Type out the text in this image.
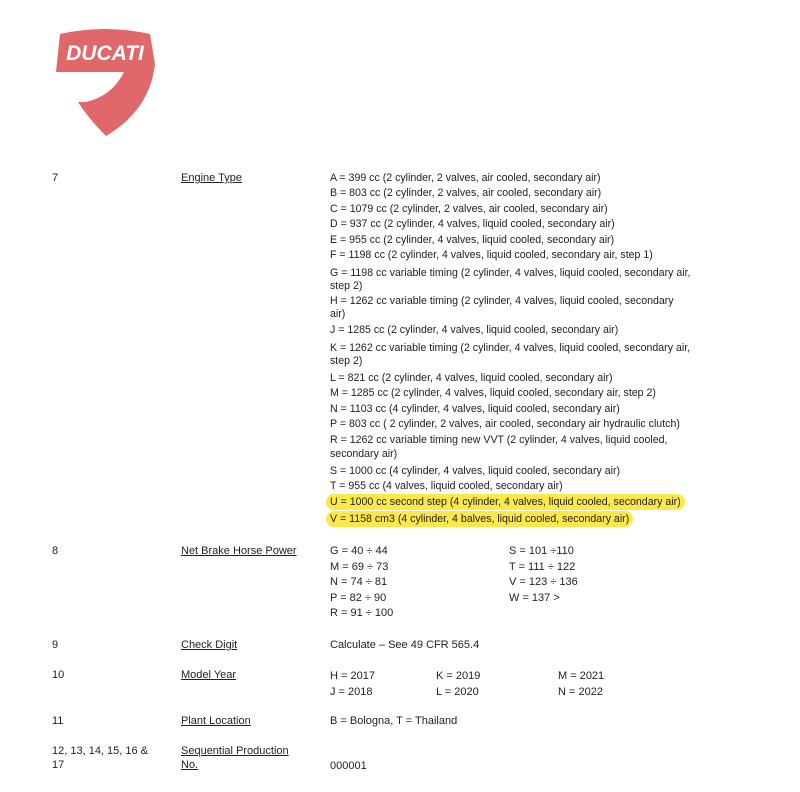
DUCATI
7	Engine Type	A = 399 cc (2 cylinder, 2 valves, air cooled, secondary air)
B = 803 cc (2 cylinder, 2 valves, air cooled, secondary air)
C = 1079 cc (2 cylinder, 2 valves, air cooled, secondary air)
D = 937 cc (2 cylinder, 4 valves, liquid cooled, secondary air)
E = 955 cc (2 cylinder, 4 valves, liquid cooled, secondary air)
F = 1198 cc (2 cylinder, 4 valves, liquid cooled, secondary air, step 1)
G = 1198 cc variable timing (2 cylinder, 4 valves, liquid cooled, secondary air,
step 2)
H = 1262 cc variable timing (2 cylinder, 4 valves, liquid cooled, secondary
air)
J = 1285 cc (2 cylinder, 4 valves, liquid cooled, secondary air)
K = 1262 cc variable timing (2 cylinder, 4 valves, liquid cooled, secondary air,
step 2)
L = 821 cc (2 cylinder, 4 valves, liquid cooled, secondary air)
M = 1285 cc (2 cylinder, 4 valves, liquid cooled, secondary air, step 2)
N = 1103 cc (4 cylinder, 4 valves, liquid cooled, secondary air)
P = 803 cc ( 2 cylinder, 2 valves, air cooled, secondary air hydraulic clutch)
R = 1262 cc variable timing new VVT (2 cylinder, 4 valves, liquid cooled,
secondary air)
S = 1000 cc (4 cylinder, 4 valves, liquid cooled, secondary air)
T = 955 cc (4 valves, liquid cooled, secondary air)
U = 1000 cc second step (4 cylinder, 4 valves, liquid cooled, secondary air)
V = 1158 cm3 (4 cylinder, 4 balves, liquid cooled, secondary air)
8	Net Brake Horse Power	G = 40 ÷ 44
M = 69 ÷ 73
N = 74 ÷ 81
P = 82 ÷ 90
R = 91 ÷ 100
S = 101 ÷110
T = 111 ÷ 122
V = 123 ÷ 136
W = 137 >
9	Check Digit	Calculate – See 49 CFR 565.4
10	Model Year	H = 2017
J = 2018
K = 2019
L = 2020
M = 2021
N = 2022
11	Plant Location	B = Bologna, T = Thailand
12, 13, 14, 15, 16 &
17
Sequential Production
No.	000001
